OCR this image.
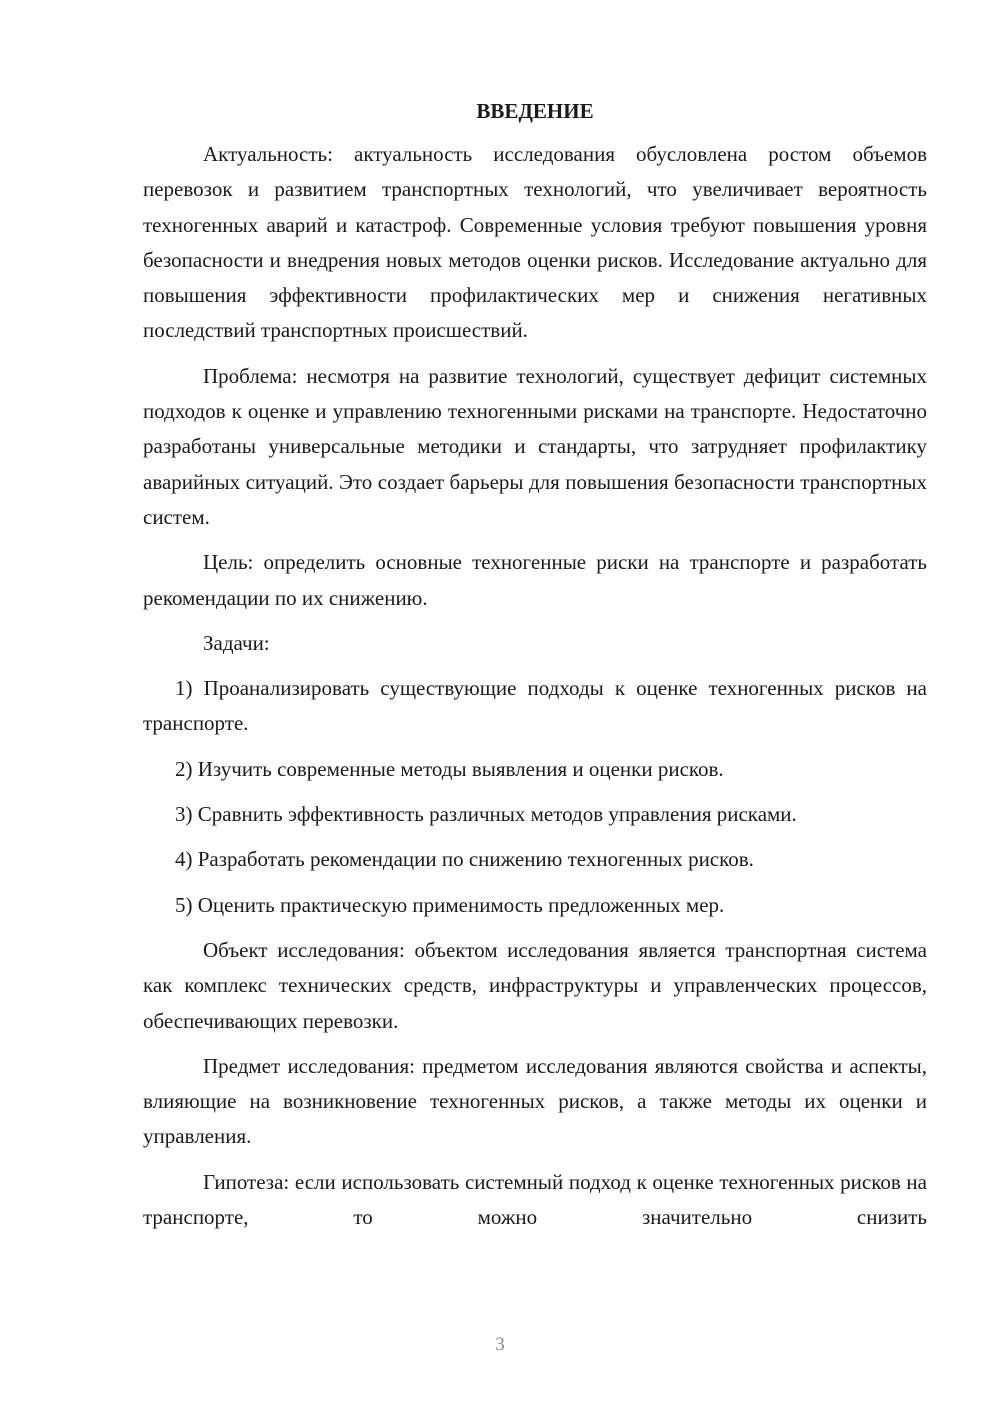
ВВЕДЕНИЕ

Актуальность: актуальность исследования обусловлена ростом объемов перевозок и развитием транспортных технологий, что увеличивает вероятность техногенных аварий и катастроф. Современные условия требуют повышения уровня безопасности и внедрения новых методов оценки рисков. Исследование актуально для повышения эффективности профилактических мер и снижения негативных последствий транспортных происшествий.

Проблема: несмотря на развитие технологий, существует дефицит системных подходов к оценке и управлению техногенными рисками на транспорте. Недостаточно разработаны универсальные методики и стандарты, что затрудняет профилактику аварийных ситуаций. Это создает барьеры для повышения безопасности транспортных систем.

Цель: определить основные техногенные риски на транспорте и разработать рекомендации по их снижению.

Задачи:

1) Проанализировать существующие подходы к оценке техногенных рисков на транспорте.

2) Изучить современные методы выявления и оценки рисков.

3) Сравнить эффективность различных методов управления рисками.

4) Разработать рекомендации по снижению техногенных рисков.

5) Оценить практическую применимость предложенных мер.

Объект исследования: объектом исследования является транспортная система как комплекс технических средств, инфраструктуры и управленческих процессов, обеспечивающих перевозки.

Предмет исследования: предметом исследования являются свойства и аспекты, влияющие на возникновение техногенных рисков, а также методы их оценки и управления.

Гипотеза: если использовать системный подход к оценке техногенных рисков на транспорте, то можно значительно снизить

3
